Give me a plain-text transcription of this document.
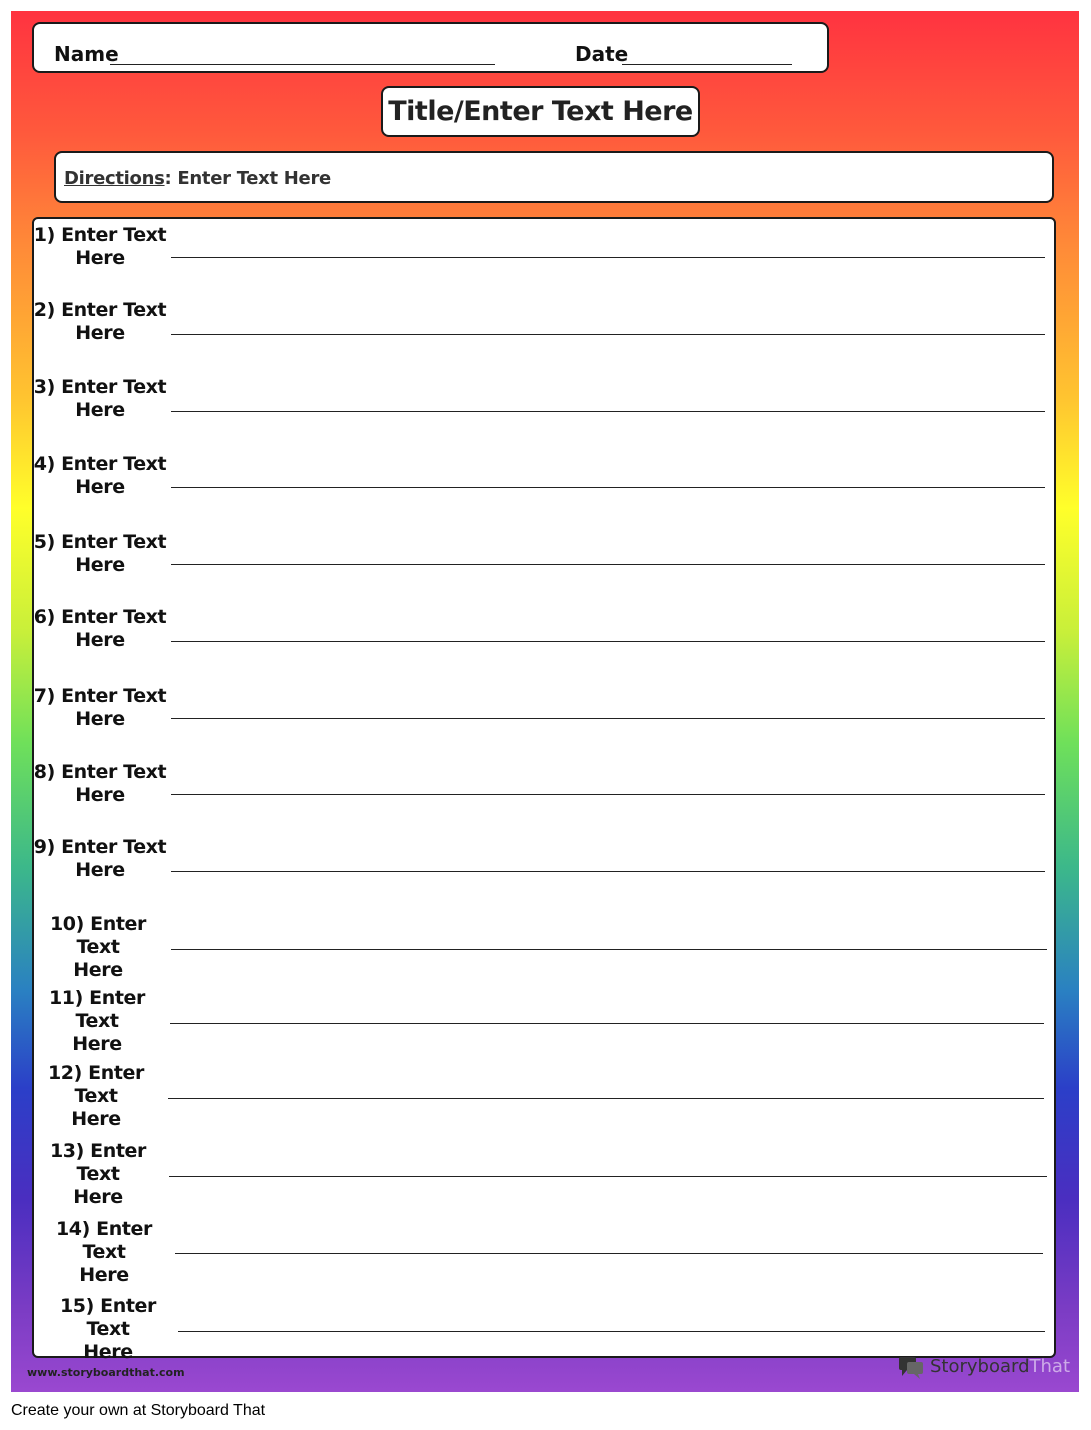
Name	Date
Title/Enter Text Here
Directions: Enter Text Here
1) Enter Text
Here
2) Enter Text
Here
3) Enter Text
Here
4) Enter Text
Here
5) Enter Text
Here
6) Enter Text
Here
7) Enter Text
Here
8) Enter Text
Here
9) Enter Text
Here
10) Enter Text
Here
11) Enter Text
Here
12) Enter Text
Here
13) Enter Text
Here
14) Enter Text
Here
15) Enter Text
Here
www.storyboardthat.com	StoryboardThat
Create your own at Storyboard That
